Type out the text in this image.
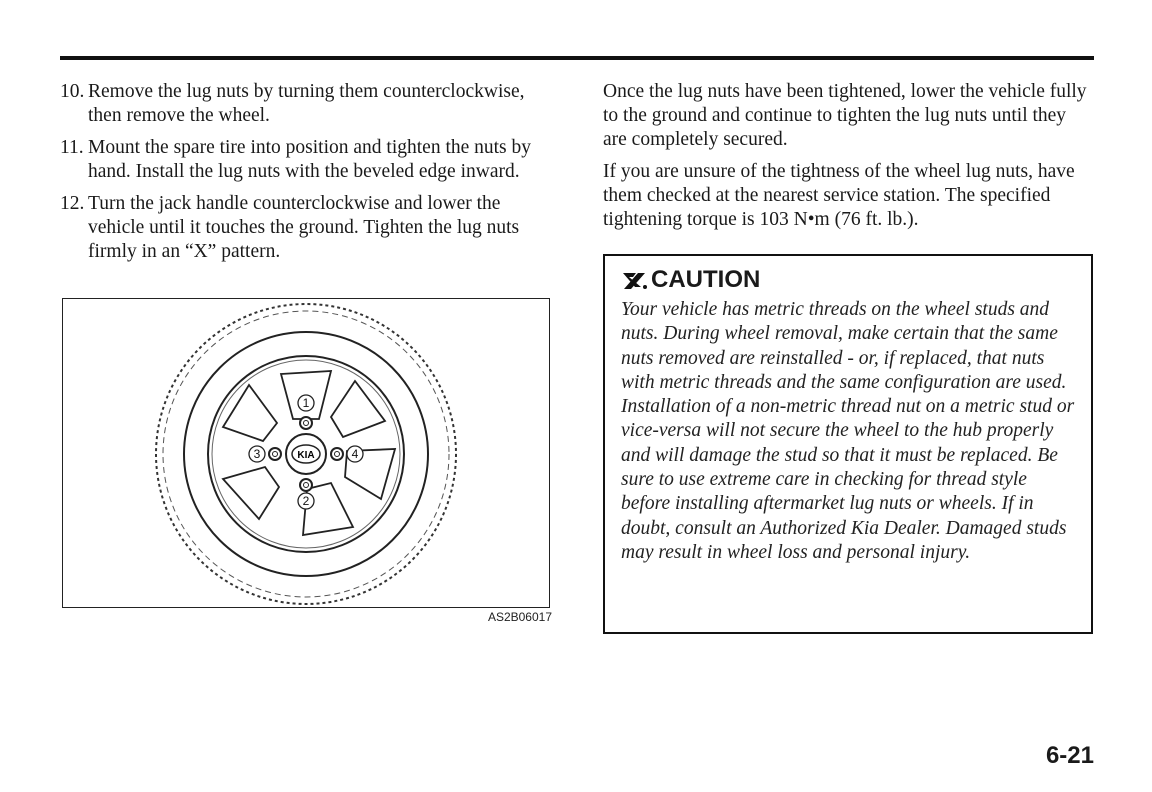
10. Remove the lug nuts by turning them counterclockwise, then remove the wheel.
11. Mount the spare tire into position and tighten the nuts by hand. Install the lug nuts with the beveled edge inward.
12. Turn the jack handle counterclockwise and lower the vehicle until it touches the ground. Tighten the lug nuts firmly in an “X” pattern.
KIA
1
2
3	4
AS2B06017

Once the lug nuts have been tightened, lower the vehicle fully to the ground and continue to tighten the lug nuts until they are completely secured.

If you are unsure of the tightness of the wheel lug nuts, have them checked at the nearest service station. The specified tightening torque is 103 N•m (76 ft. lb.).

CAUTION

Your vehicle has metric threads on the wheel studs and nuts. During wheel removal, make certain that the same nuts removed are reinstalled - or, if replaced, that nuts with metric threads and the same configuration are used. Installation of a non-metric thread nut on a metric stud or vice-versa will not secure the wheel to the hub properly and will damage the stud so that it must be replaced. Be sure to use extreme care in checking for thread style before installing aftermarket lug nuts or wheels. If in doubt, consult an Authorized Kia Dealer. Damaged studs may result in wheel loss and personal injury.

6-21
